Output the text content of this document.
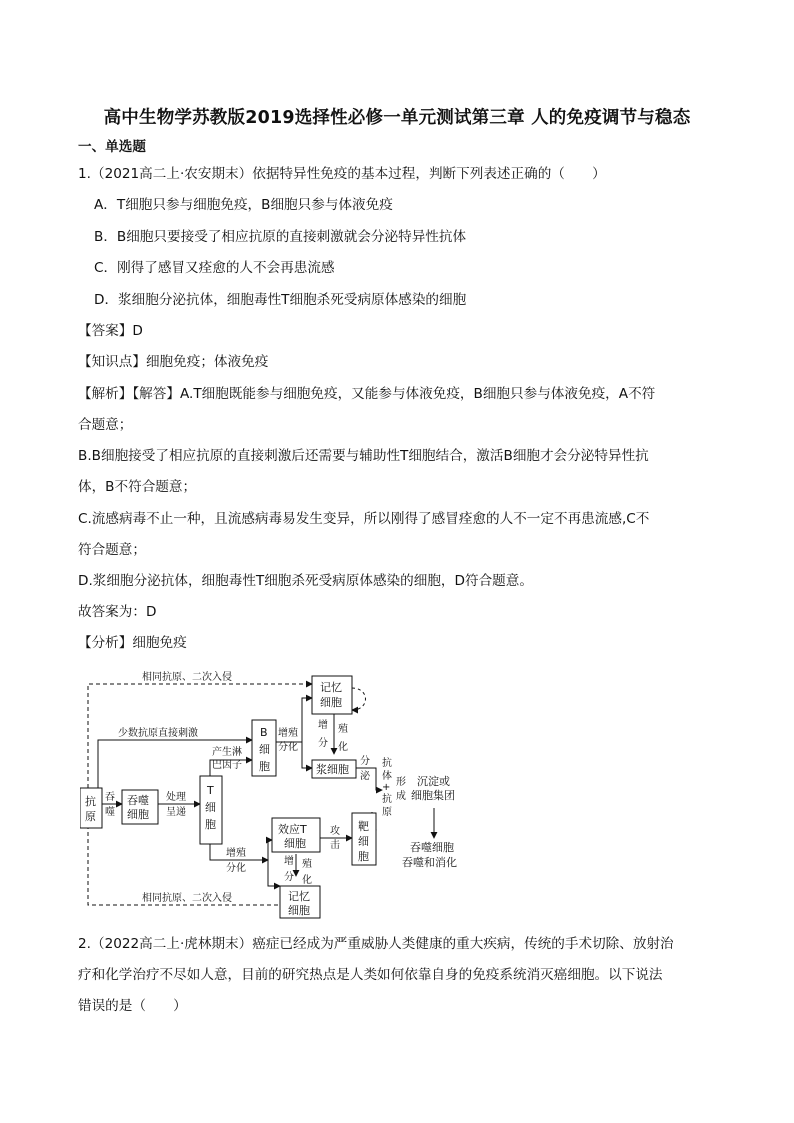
高中生物学苏教版2019选择性必修一单元测试第三章 人的免疫调节与稳态
一、单选题
1.（2021高二上·农安期末）依据特异性免疫的基本过程，判断下列表述正确的（　　）
A．T细胞只参与细胞免疫，B细胞只参与体液免疫
B．B细胞只要接受了相应抗原的直接刺激就会分泌特异性抗体
C．刚得了感冒又痊愈的人不会再患流感
D．浆细胞分泌抗体，细胞毒性T细胞杀死受病原体感染的细胞
【答案】D
【知识点】细胞免疫；体液免疫
【解析】【解答】A.T细胞既能参与细胞免疫，又能参与体液免疫，B细胞只参与体液免疫，A不符
合题意；
B.B细胞接受了相应抗原的直接刺激后还需要与辅助性T细胞结合，激活B细胞才会分泌特异性抗
体，B不符合题意；
C.流感病毒不止一种，且流感病毒易发生变异，所以刚得了感冒痊愈的人不一定不再患流感,C不
符合题意；
D.浆细胞分泌抗体，细胞毒性T细胞杀死受病原体感染的细胞，D符合题意。
故答案为：D
【分析】细胞免疫
相同抗原、二次入侵
少数抗原直接刺激
抗
原
吞
噬
吞噬
细胞
处理
呈递
T
细
胞
产生淋
巴因子
B
细
胞
增殖
分化
记忆
细胞
增 殖
分 化
浆细胞
分
泌
抗
体
+
抗
原
形
成
沉淀或
细胞集团
吞噬细胞
吞噬和消化
效应T
细胞
攻
击
靶
细
胞
增殖
分化
增 殖
分 化
记忆
细胞
相同抗原、二次入侵
2.（2022高二上·虎林期末）癌症已经成为严重威胁人类健康的重大疾病，传统的手术切除、放射治
疗和化学治疗不尽如人意，目前的研究热点是人类如何依靠自身的免疫系统消灭癌细胞。以下说法
错误的是（　　）
